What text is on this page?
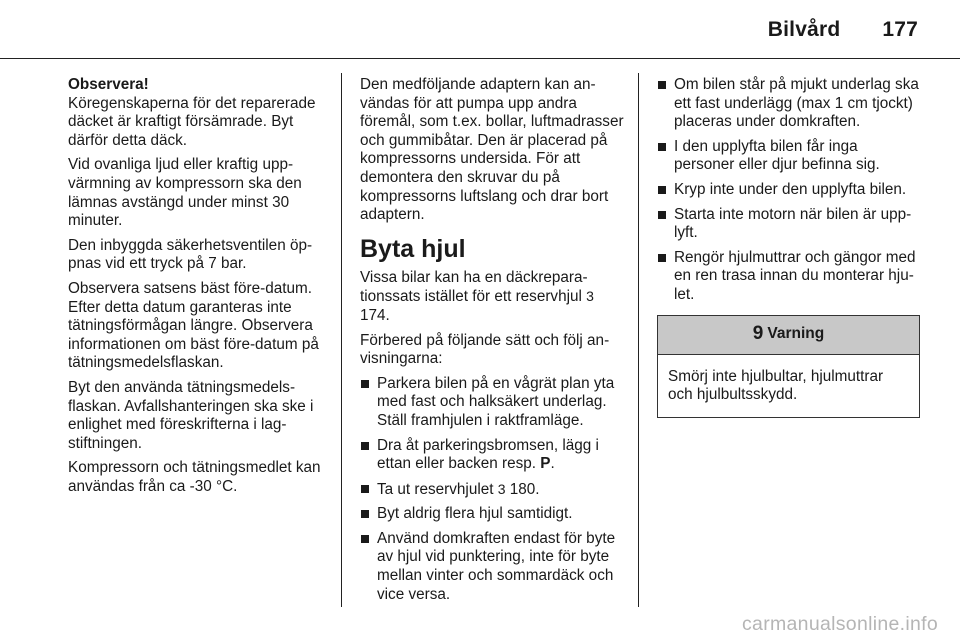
Bilvård 177

Observera!

Köregenskaperna för det reparerade däcket är kraftigt försämrade. Byt därför detta däck.

Vid ovanliga ljud eller kraftig uppvärmning av kompressorn ska den lämnas avstängd under minst 30 minuter.

Den inbyggda säkerhetsventilen öppnas vid ett tryck på 7 bar.

Observera satsens bäst före-datum. Efter detta datum garanteras inte tätningsförmågan längre. Observera informationen om bäst före-datum på tätningsmedelsflaskan.

Byt den använda tätningsmedelsflaskan. Avfallshanteringen ska ske i enlighet med föreskrifterna i lagstiftningen.

Kompressorn och tätningsmedlet kan användas från ca -30 °C.

Den medföljande adaptern kan användas för att pumpa upp andra föremål, som t.ex. bollar, luftmadrasser och gummibåtar. Den är placerad på kompressorns undersida. För att demontera den skruvar du på kompressorns luftslang och drar bort adaptern.

Byta hjul

Vissa bilar kan ha en däckreparationssats istället för ett reservhjul 3 174.

Förbered på följande sätt och följ anvisningarna:

Parkera bilen på en vågrät plan yta med fast och halksäkert underlag. Ställ framhjulen i raktframläge.
Dra åt parkeringsbromsen, lägg i ettan eller backen resp. P.
Ta ut reservhjulet 3 180.
Byt aldrig flera hjul samtidigt.
Använd domkraften endast för byte av hjul vid punktering, inte för byte mellan vinter och sommardäck och vice versa.
Om bilen står på mjukt underlag ska ett fast underlägg (max 1 cm tjockt) placeras under domkraften.
I den upplyfta bilen får inga personer eller djur befinna sig.
Kryp inte under den upplyfta bilen.
Starta inte motorn när bilen är upplyft.
Rengör hjulmuttrar och gängor med en ren trasa innan du monterar hjulet.
9 Varning
Smörj inte hjulbultar, hjulmuttrar och hjulbultsskydd.
carmanualsonline.info
